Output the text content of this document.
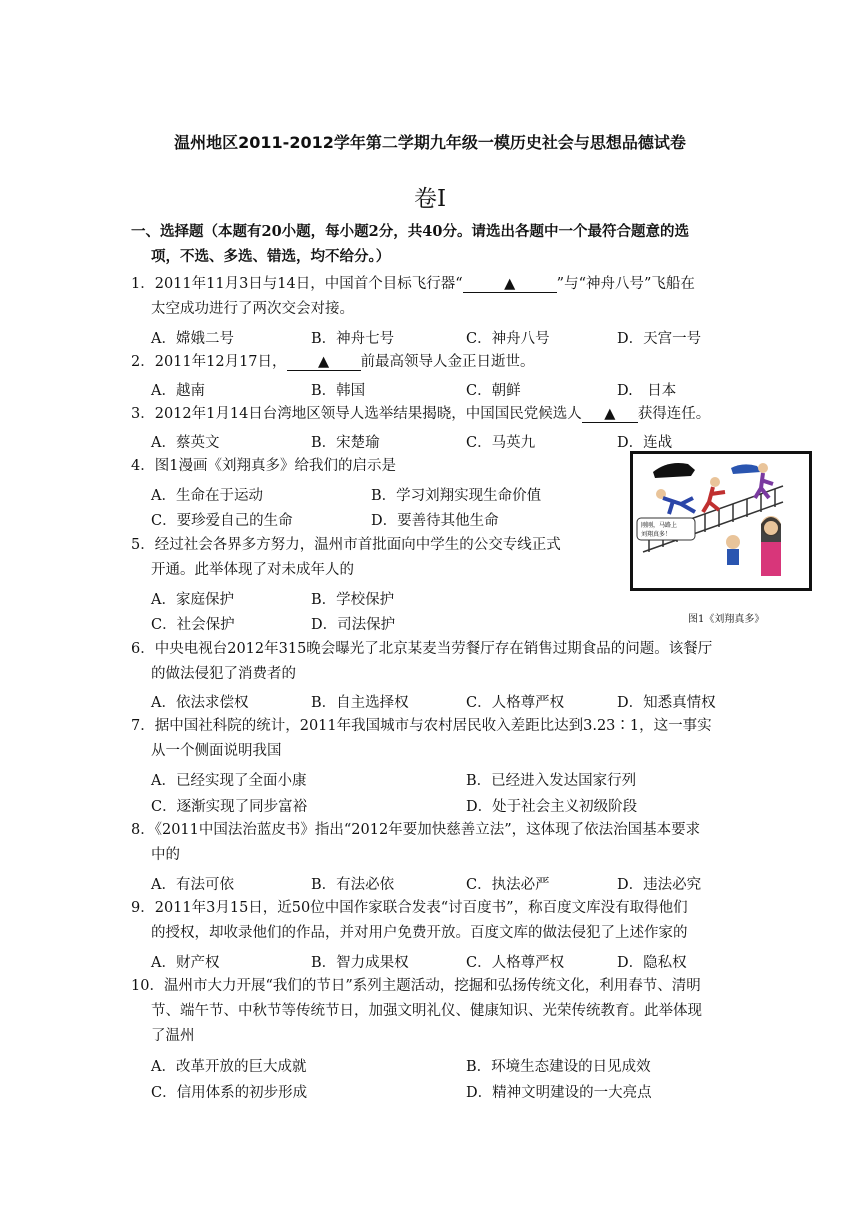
温州地区2011-2012学年第二学期九年级一模历史社会与思想品德试卷
卷Ⅰ
一、选择题（本题有20小题，每小题2分，共40分。请选出各题中一个最符合题意的选
项，不选、多选、错选，均不给分。）
1．2011年11月3日与14日，中国首个目标飞行器“	▲	”与“神舟八号”飞船在
太空成功进行了两次交会对接。
A．嫦娥二号	B．神舟七号	C．神舟八号	D．天宫一号
2．2011年12月17日， ▲ 前最高领导人金正日逝世。
A．越南	B．韩国	C．朝鲜	D.　日本
3．2012年1月14日台湾地区领导人选举结果揭晓，中国国民党候选人 ▲ 获得连任。
A．蔡英文	B．宋楚瑜	C．马英九	D．连战
4．图1漫画《刘翔真多》给我们的启示是
A．生命在于运动	B．学习刘翔实现生命价值
C．要珍爱自己的生命	D．要善待其他生命
5．经过社会各界多方努力，温州市首批面向中学生的公交专线正式
开通。此举体现了对未成年人的
A．家庭保护	B．学校保护
C．社会保护	D．司法保护
刚刚，马路上
刘翔真多！
图1《刘翔真多》
6．中央电视台2012年315晚会曝光了北京某麦当劳餐厅存在销售过期食品的问题。该餐厅
的做法侵犯了消费者的
A．依法求偿权	B．自主选择权	C．人格尊严权	D．知悉真情权
7．据中国社科院的统计，2011年我国城市与农村居民收入差距比达到3.23∶1，这一事实
从一个侧面说明我国
A．已经实现了全面小康	B．已经进入发达国家行列
C．逐渐实现了同步富裕	D．处于社会主义初级阶段
8．《2011中国法治蓝皮书》指出“2012年要加快慈善立法”，这体现了依法治国基本要求
中的
A．有法可依	B．有法必依	C．执法必严	D．违法必究
9．2011年3月15日，近50位中国作家联合发表“讨百度书”，称百度文库没有取得他们
的授权，却收录他们的作品，并对用户免费开放。百度文库的做法侵犯了上述作家的
A．财产权	B．智力成果权	C．人格尊严权	D．隐私权
10．温州市大力开展“我们的节日”系列主题活动，挖掘和弘扬传统文化，利用春节、清明
节、端午节、中秋节等传统节日，加强文明礼仪、健康知识、光荣传统教育。此举体现
了温州
A．改革开放的巨大成就	B．环境生态建设的日见成效
C．信用体系的初步形成	D．精神文明建设的一大亮点
